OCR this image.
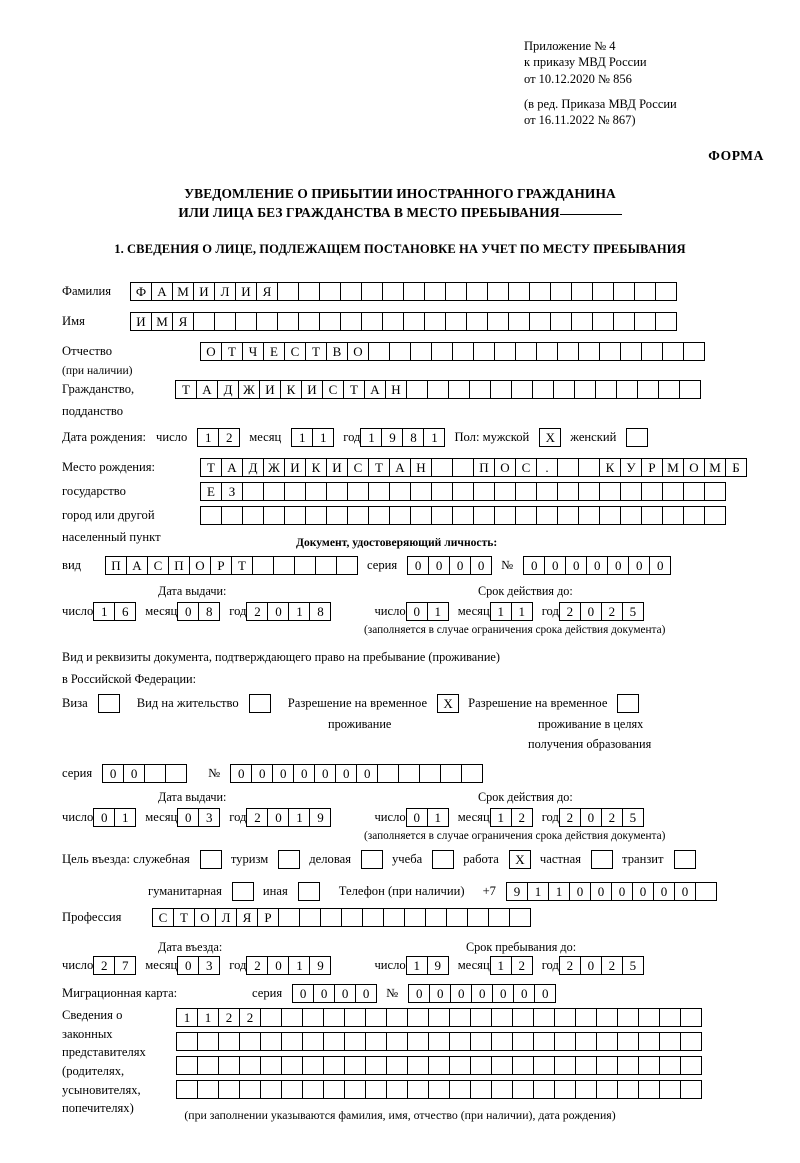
Приложение № 4
к приказу МВД России
от 10.12.2020 № 856
(в ред. Приказа МВД России
от 16.11.2022 № 867)
ФОРМА
УВЕДОМЛЕНИЕ О ПРИБЫТИИ ИНОСТРАННОГО ГРАЖДАНИНА
ИЛИ ЛИЦА БЕЗ ГРАЖДАНСТВА В МЕСТО ПРЕБЫВАНИЯ
1. СВЕДЕНИЯ О ЛИЦЕ, ПОДЛЕЖАЩЕМ ПОСТАНОВКЕ НА УЧЕТ ПО МЕСТУ ПРЕБЫВАНИЯ
Фамилия	Ф А М И Л И Я
Имя	И М Я
Отчество	О Т Ч Е С Т В О
(при наличии)
Гражданство,	Т А Д Ж И К И С Т А Н
подданство
Дата рождения: число	1	2	месяц	1	1	год 1	9	8	1	Пол: мужской	X	женский
Место рождения:	Т А Д Ж И К И С Т А Н	П О С	.	К У Р М О М Б
государство	Е	З
город или другой
населенный пункт	Документ, удостоверяющий личность:
вид	П А С П О Р	Т	серия	0	0	0	0	№	0	0	0	0	0	0	0
Дата выдачи:	Срок действия до:
число 1	6	месяц 0	8	год 2	0	1	8	число 0	1	месяц 1	1	год 2	0	2	5
(заполняется в случае ограничения срока действия документа)
Вид и реквизиты документа, подтверждающего право на пребывание (проживание)
в Российской Федерации:
Виза	Вид на жительство	Разрешение на временное	X	Разрешение на временное
проживание	проживание в целях
получения образования
серия	0	0	№	0	0	0	0	0	0	0
Дата выдачи:	Срок действия до:
число 0	1	месяц 0	3	год 2	0	1	9	число 0	1	месяц 1	2	год 2	0	2	5
(заполняется в случае ограничения срока действия документа)
Цель въезда: служебная	туризм	деловая	учеба	работа	X	частная	транзит
гуманитарная	иная	Телефон (при наличии) +7	9	1	1	0	0	0	0	0	0
Профессия	С Т О Л Я	Р
Дата въезда:	Срок пребывания до:
число 2	7	месяц 0	3	год 2	0	1	9	число 1	9	месяц 1	2	год 2	0	2	5
Миграционная карта:	серия	0	0	0	0	№	0	0	0	0	0	0	0
Сведения о
законных
представителях
(родителях,
усыновителях,
попечителях)
1	1	2	2
(при заполнении указываются фамилия, имя, отчество (при наличии), дата рождения)
